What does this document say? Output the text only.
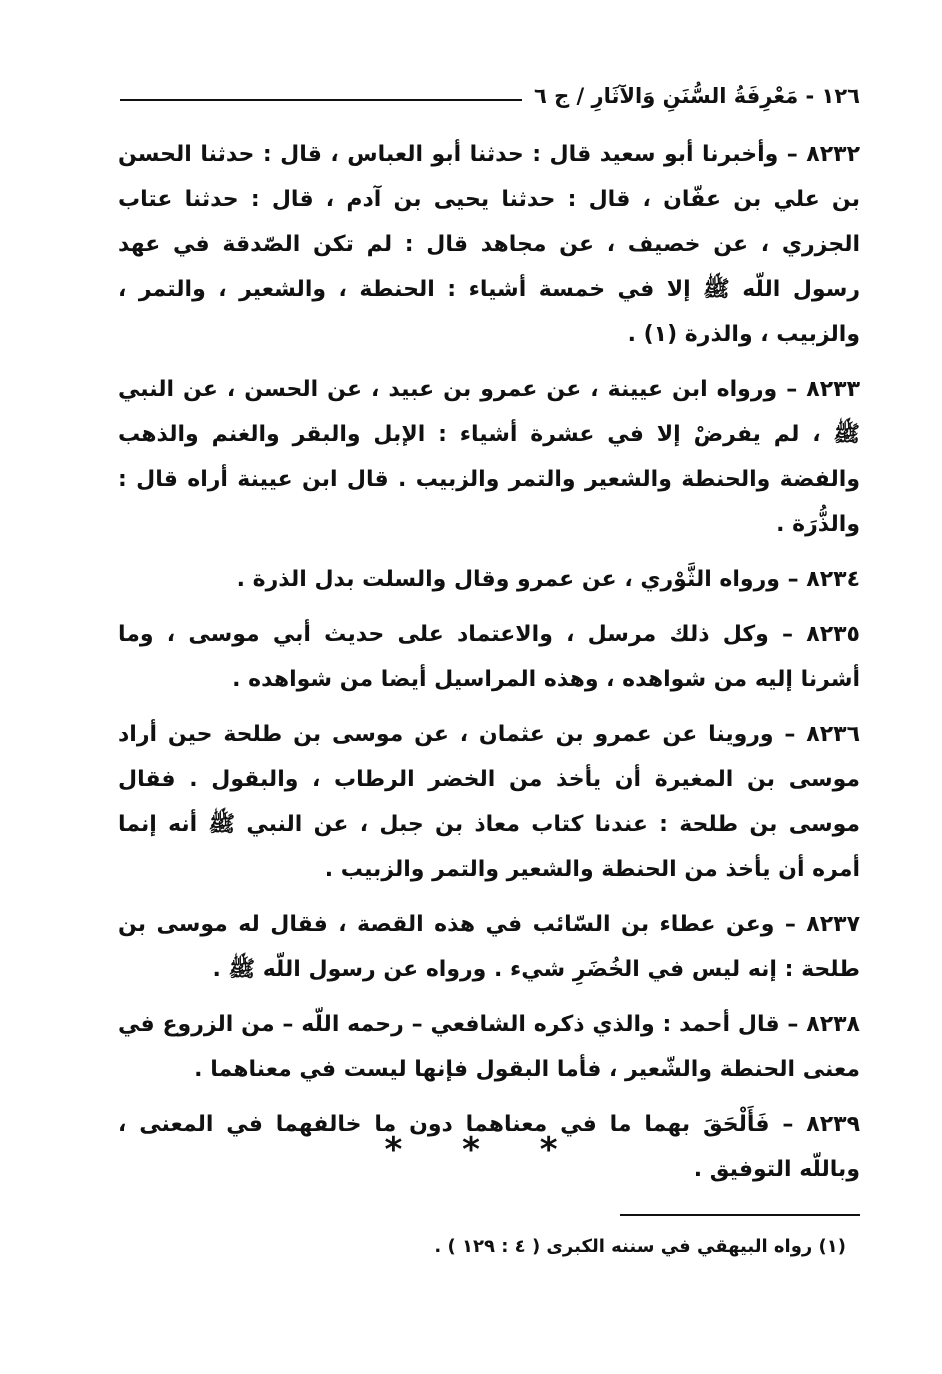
١٢٦ - مَعْرِفَةُ السُّنَنِ وَالآثَارِ / ج ٦

٨٢٣٢ – وأخبرنا أبو سعيد قال : حدثنا أبو العباس ، قال : حدثنا الحسن بن علي بن عفّان ، قال : حدثنا يحيى بن آدم ، قال : حدثنا عتاب الجزري ، عن خصيف ، عن مجاهد قال : لم تكن الصّدقة في عهد رسول اللّه ﷺ إلا في خمسة أشياء : الحنطة ، والشعير ، والتمر ، والزبيب ، والذرة (١) .

٨٢٣٣ – ورواه ابن عيينة ، عن عمرو بن عبيد ، عن الحسن ، عن النبي ﷺ ، لم يفرضْ إلا في عشرة أشياء : الإبل والبقر والغنم والذهب والفضة والحنطة والشعير والتمر والزبيب . قال ابن عيينة أراه قال : والذُّرَة .

٨٢٣٤ – ورواه الثَّوْري ، عن عمرو وقال والسلت بدل الذرة .

٨٢٣٥ – وكل ذلك مرسل ، والاعتماد على حديث أبي موسى ، وما أشرنا إليه من شواهده ، وهذه المراسيل أيضا من شواهده .

٨٢٣٦ – وروينا عن عمرو بن عثمان ، عن موسى بن طلحة حين أراد موسى بن المغيرة أن يأخذ من الخضر الرطاب ، والبقول . فقال موسى بن طلحة : عندنا كتاب معاذ بن جبل ، عن النبي ﷺ أنه إنما أمره أن يأخذ من الحنطة والشعير والتمر والزبيب .

٨٢٣٧ – وعن عطاء بن السّائب في هذه القصة ، فقال له موسى بن طلحة : إنه ليس في الخُضَرِ شيء . ورواه عن رسول اللّه ﷺ .

٨٢٣٨ – قال أحمد : والذي ذكره الشافعي – رحمه اللّه – من الزروع في معنى الحنطة والشّعير ، فأما البقول فإنها ليست في معناهما .

٨٢٣٩ – فَأَلْحَقَ بهما ما في معناهما دون ما خالفهما في المعنى ، وباللّه التوفيق .

* * *
(١) رواه البيهقي في سننه الكبرى ( ٤ : ١٢٩ ) .
